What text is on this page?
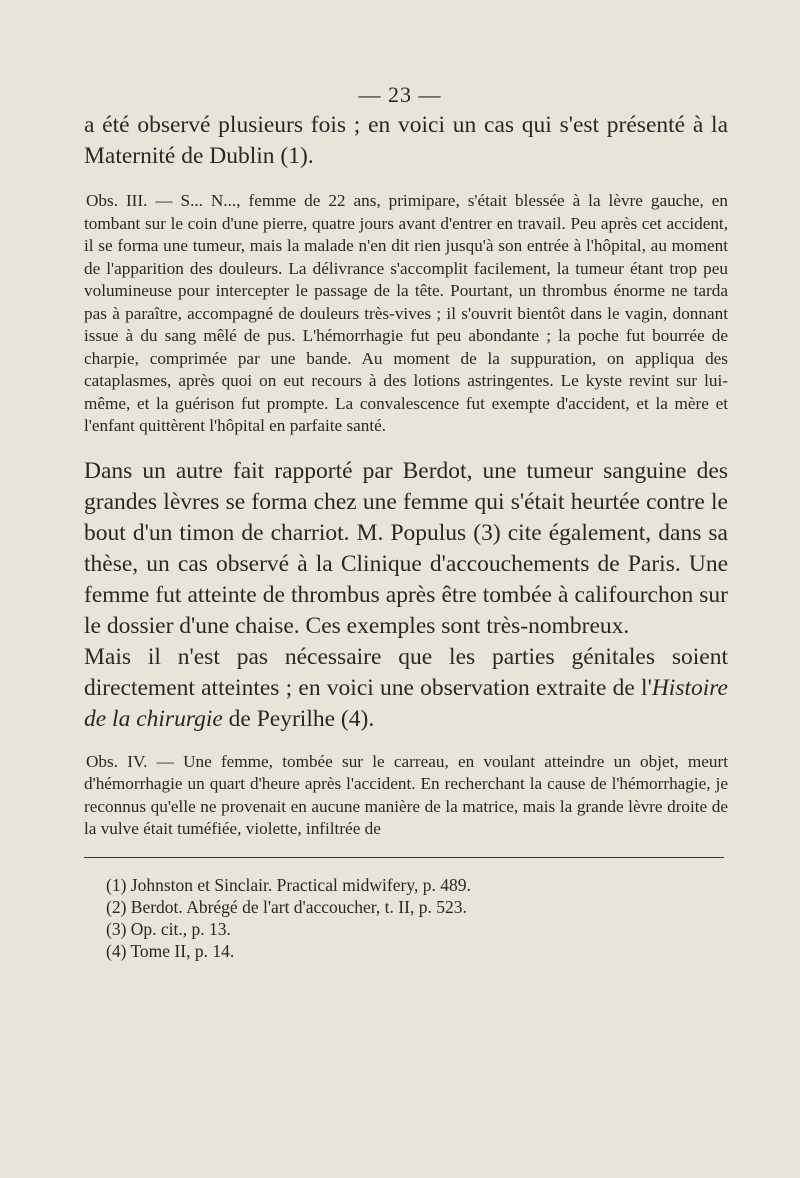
— 23 —

a été observé plusieurs fois ; en voici un cas qui s'est présenté à la Maternité de Dublin (1).

Obs. III. — S... N..., femme de 22 ans, primipare, s'était blessée à la lèvre gauche, en tombant sur le coin d'une pierre, quatre jours avant d'entrer en travail. Peu après cet accident, il se forma une tumeur, mais la malade n'en dit rien jusqu'à son entrée à l'hôpital, au moment de l'apparition des douleurs. La délivrance s'accomplit facilement, la tumeur étant trop peu volumineuse pour intercepter le passage de la tête. Pourtant, un thrombus énorme ne tarda pas à paraître, accompagné de douleurs très-vives ; il s'ouvrit bientôt dans le vagin, donnant issue à du sang mêlé de pus. L'hémorrhagie fut peu abondante ; la poche fut bourrée de charpie, comprimée par une bande. Au moment de la suppuration, on appliqua des cataplasmes, après quoi on eut recours à des lotions astringentes. Le kyste revint sur lui-même, et la guérison fut prompte. La convalescence fut exempte d'accident, et la mère et l'enfant quittèrent l'hôpital en parfaite santé.

Dans un autre fait rapporté par Berdot, une tumeur sanguine des grandes lèvres se forma chez une femme qui s'était heurtée contre le bout d'un timon de charriot. M. Populus (3) cite également, dans sa thèse, un cas observé à la Clinique d'accouchements de Paris. Une femme fut atteinte de thrombus après être tombée à califourchon sur le dossier d'une chaise. Ces exemples sont très-nombreux.

Mais il n'est pas nécessaire que les parties génitales soient directement atteintes ; en voici une observation extraite de l'Histoire de la chirurgie de Peyrilhe (4).

Obs. IV. — Une femme, tombée sur le carreau, en voulant atteindre un objet, meurt d'hémorrhagie un quart d'heure après l'accident. En recherchant la cause de l'hémorrhagie, je reconnus qu'elle ne provenait en aucune manière de la matrice, mais la grande lèvre droite de la vulve était tuméfiée, violette, infiltrée de

(1) Johnston et Sinclair. Practical midwifery, p. 489.
(2) Berdot. Abrégé de l'art d'accoucher, t. II, p. 523.
(3) Op. cit., p. 13.
(4) Tome II, p. 14.
